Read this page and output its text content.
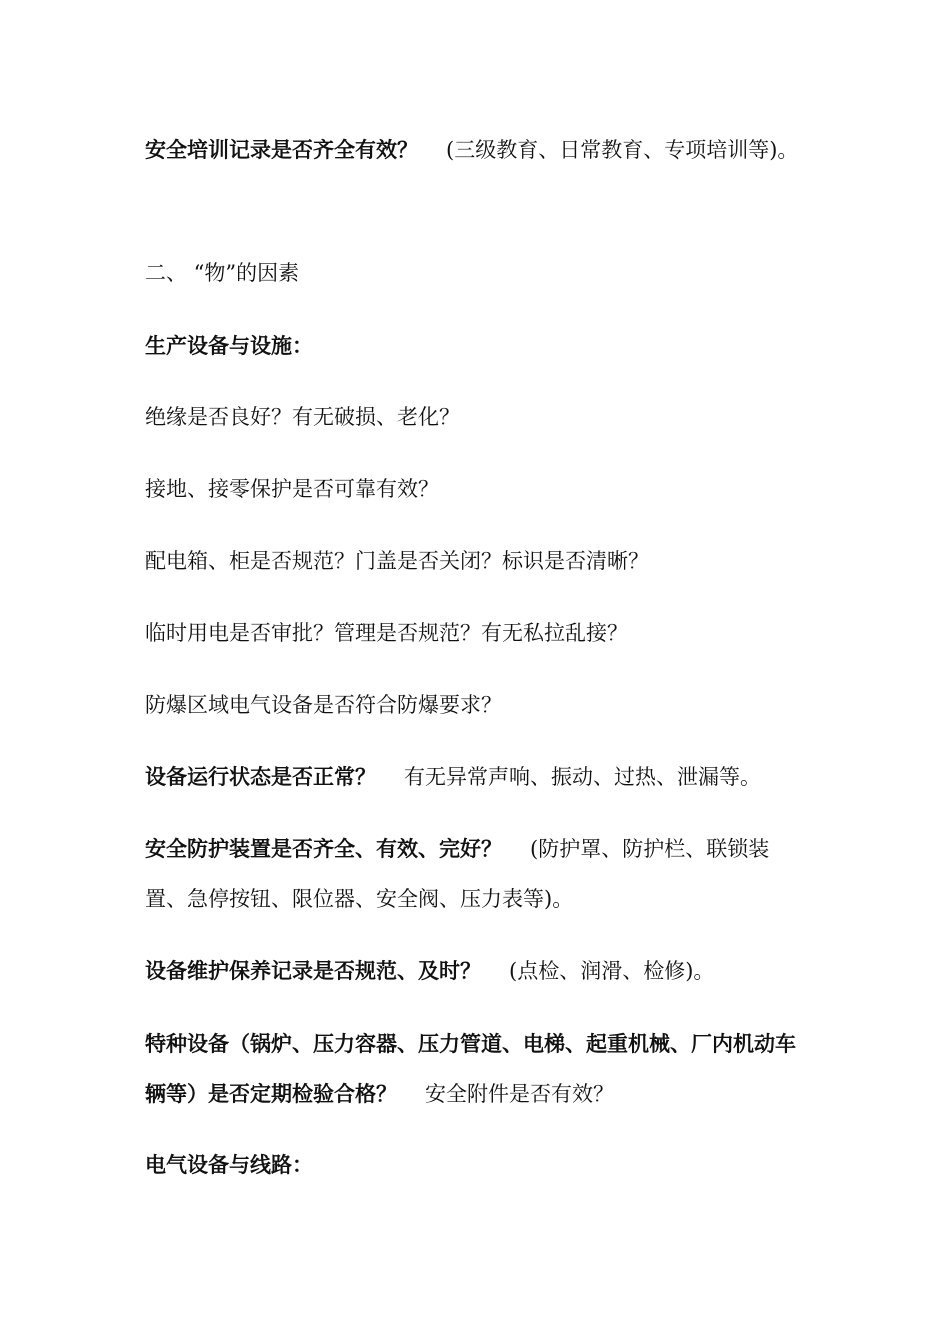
安全培训记录是否齐全有效？ (三级教育、日常教育、专项培训等)。

二、 “物”的因素

生产设备与设施：

绝缘是否良好？有无破损、老化？

接地、接零保护是否可靠有效？

配电箱、柜是否规范？门盖是否关闭？标识是否清晰？

临时用电是否审批？管理是否规范？有无私拉乱接？

防爆区域电气设备是否符合防爆要求？

设备运行状态是否正常？ 有无异常声响、振动、过热、泄漏等。

安全防护装置是否齐全、有效、完好？ (防护罩、防护栏、联锁装置、急停按钮、限位器、安全阀、压力表等)。

设备维护保养记录是否规范、及时？ (点检、润滑、检修)。

特种设备（锅炉、压力容器、压力管道、电梯、起重机械、厂内机动车辆等）是否定期检验合格？ 安全附件是否有效？

电气设备与线路：
